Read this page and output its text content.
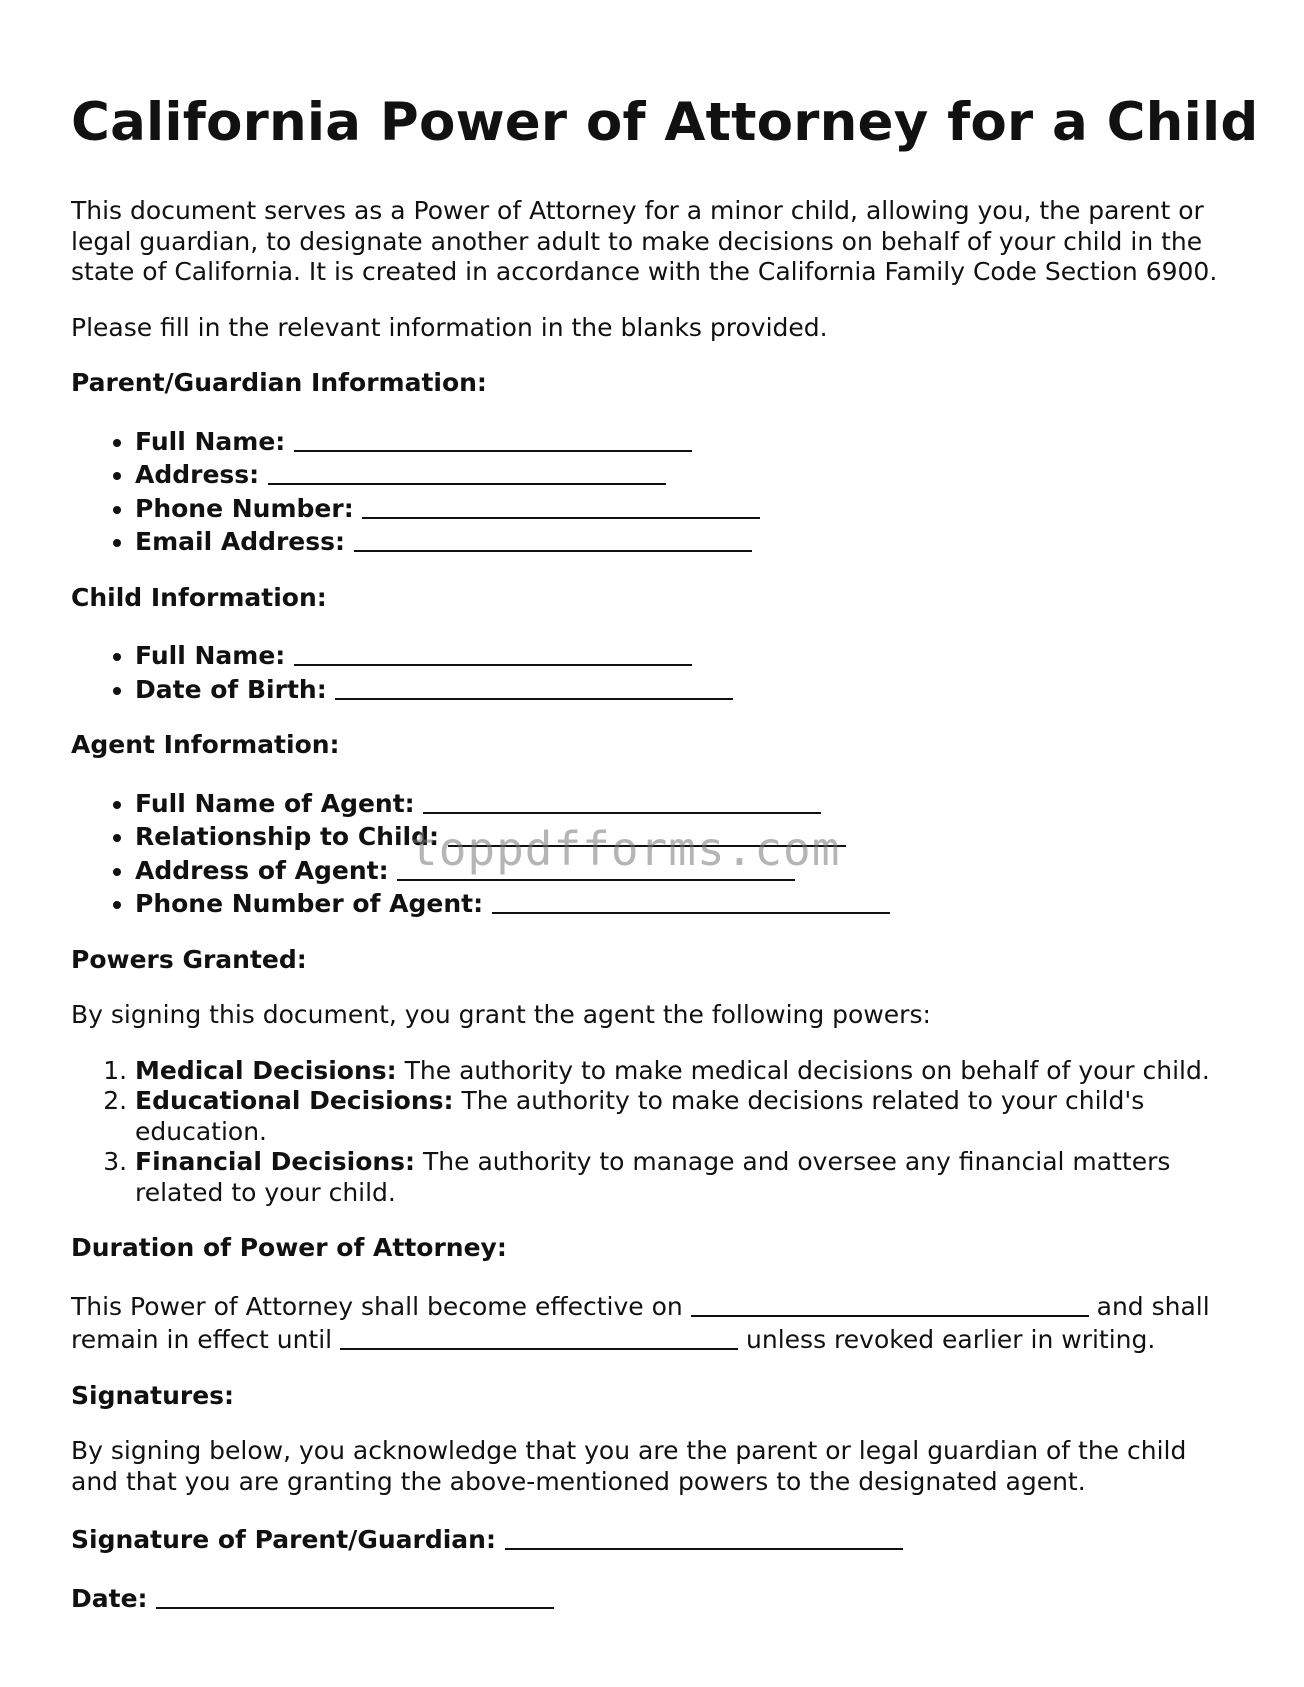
California Power of Attorney for a Child

This document serves as a Power of Attorney for a minor child, allowing you, the parent or legal guardian, to designate another adult to make decisions on behalf of your child in the state of California. It is created in accordance with the California Family Code Section 6900.

Please fill in the relevant information in the blanks provided.

Parent/Guardian Information:

• Full Name:
• Address:
• Phone Number:
• Email Address:

Child Information:

• Full Name:
• Date of Birth:

Agent Information:

• Full Name of Agent:
• Relationship to Child:
• Address of Agent:
• Phone Number of Agent:

Powers Granted:

By signing this document, you grant the agent the following powers:

1. Medical Decisions: The authority to make medical decisions on behalf of your child.
2. Educational Decisions: The authority to make decisions related to your child's education.
3. Financial Decisions: The authority to manage and oversee any financial matters related to your child.

Duration of Power of Attorney:

This Power of Attorney shall become effective on	and shall remain in effect until	unless revoked earlier in writing.

Signatures:

By signing below, you acknowledge that you are the parent or legal guardian of the child and that you are granting the above-mentioned powers to the designated agent.

Signature of Parent/Guardian:

Date:

toppdfforms.com
